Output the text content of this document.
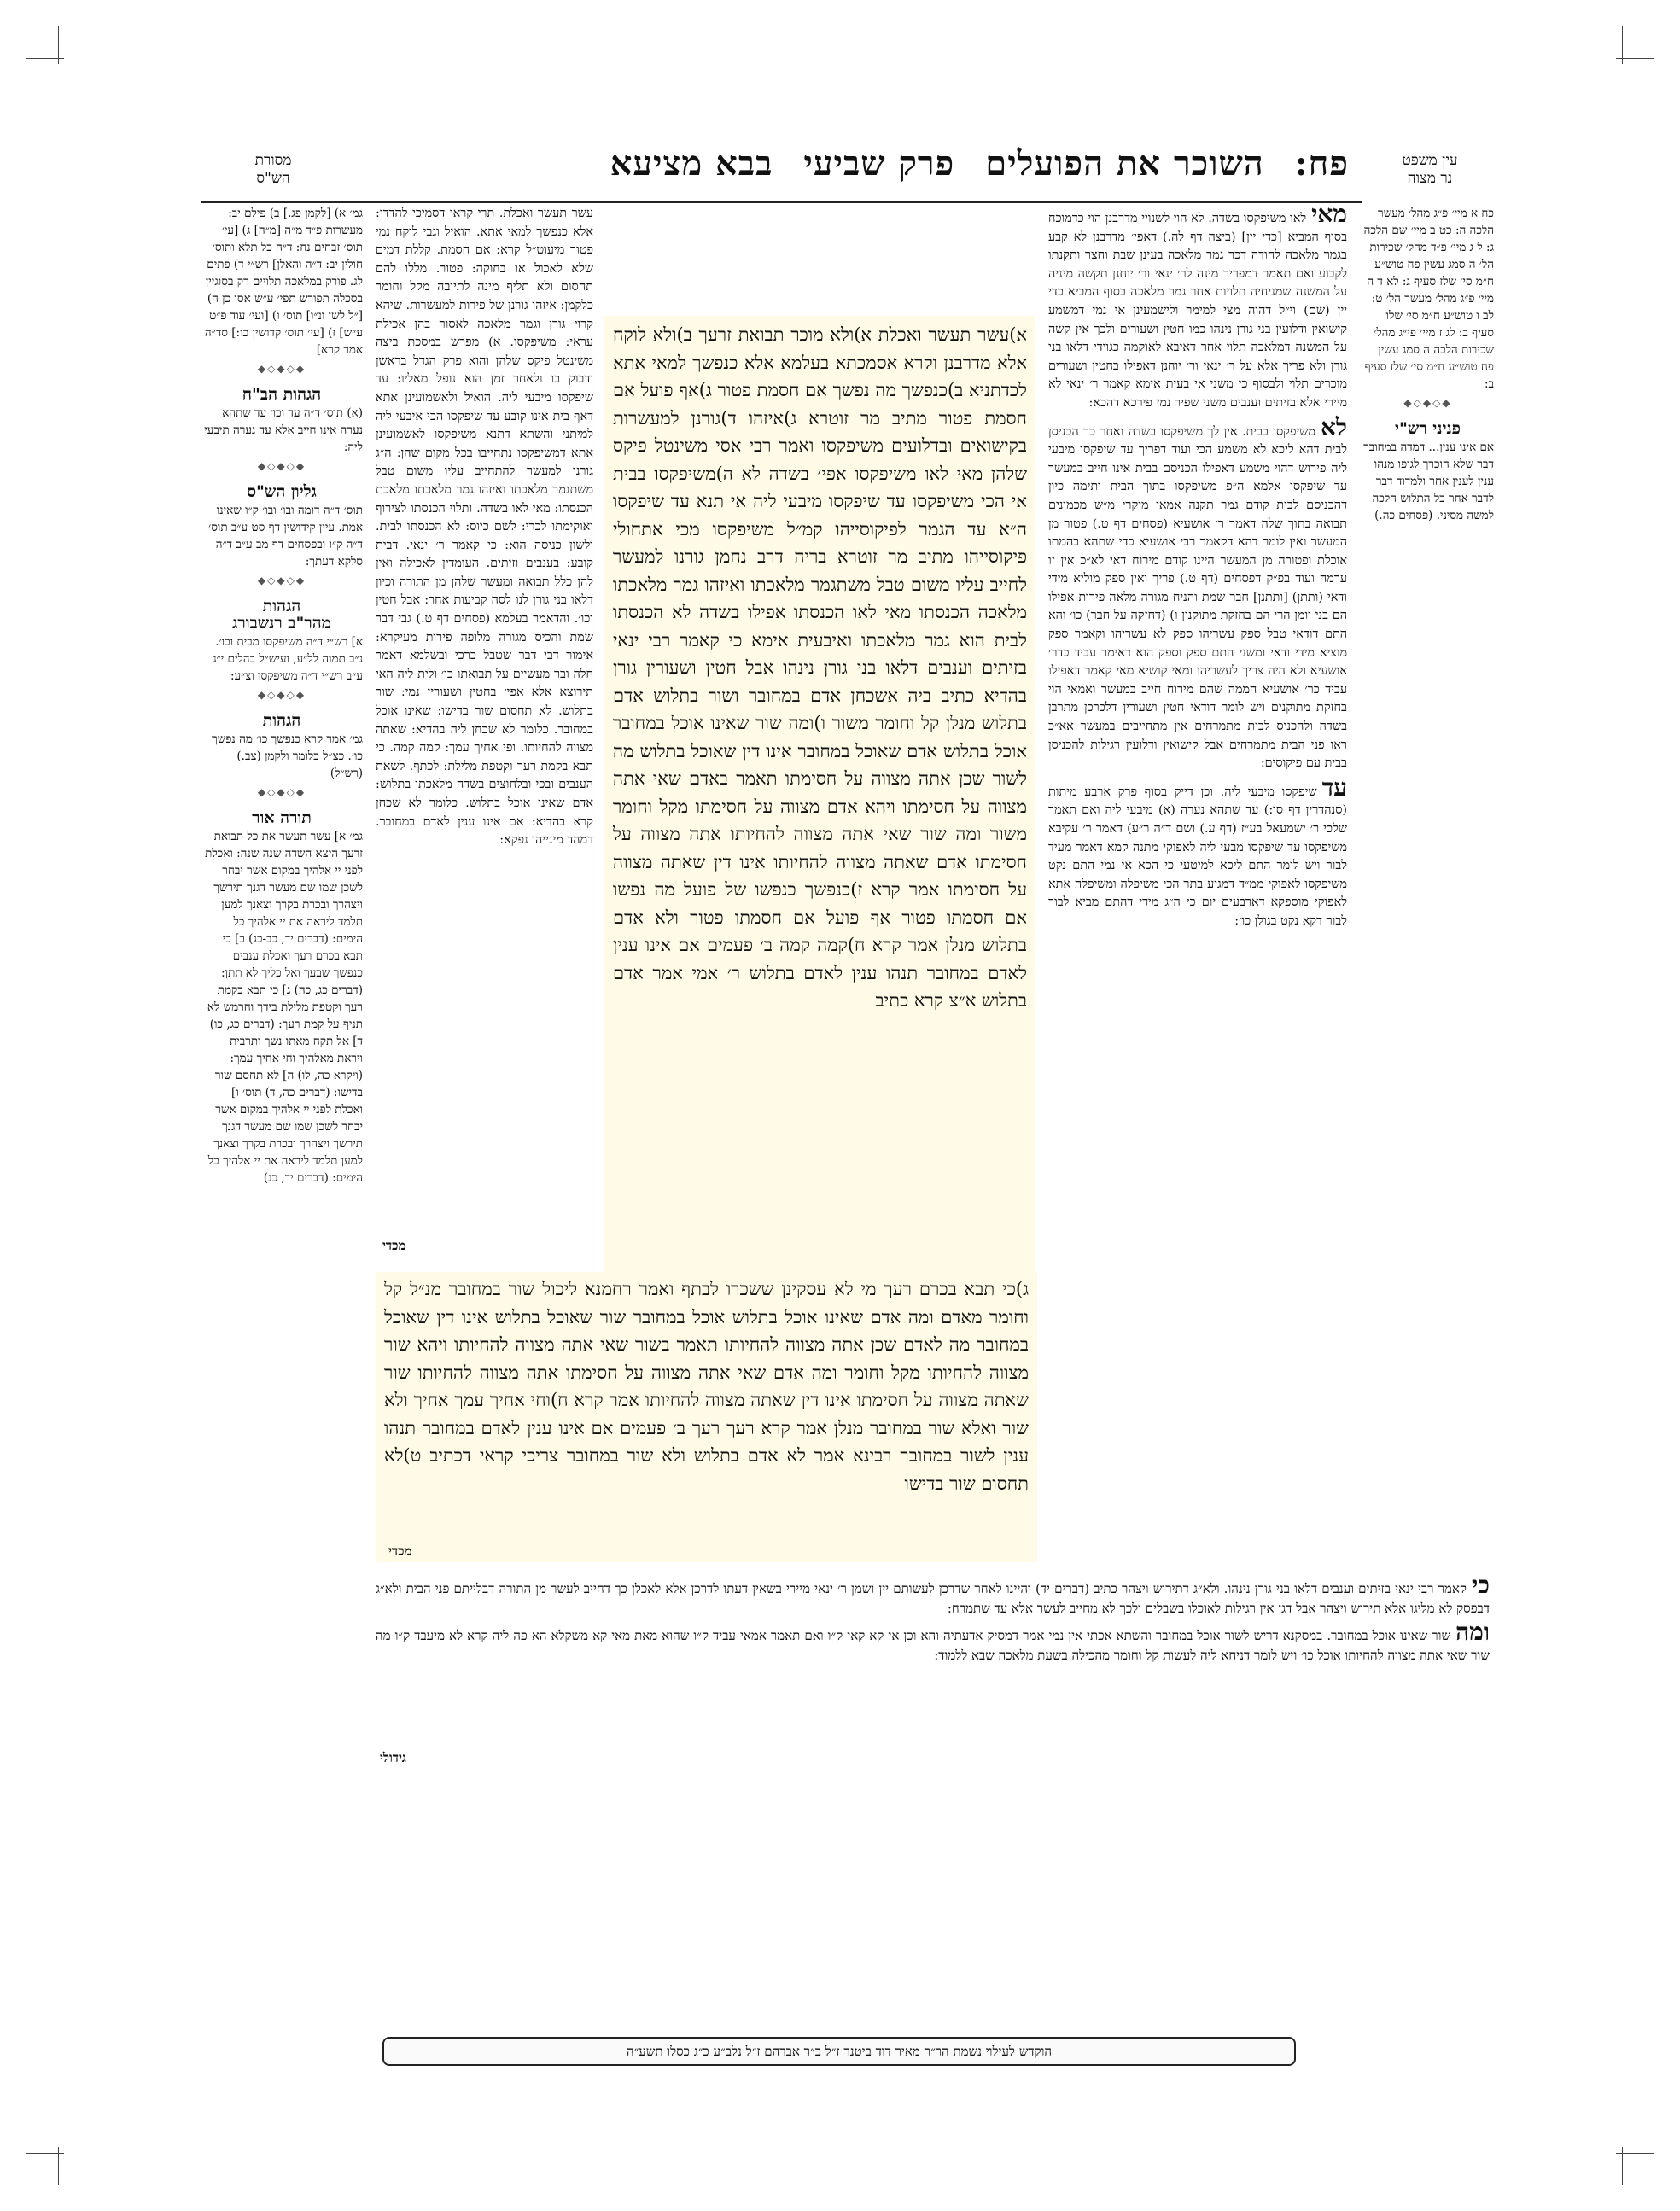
פח:השוכר את הפועליםפרק שביעיבבא מציעא	עין משפט
נר מצוה
מסורת
הש"ס
כח א מיי׳ פ״ג מהל׳ מעשר הלכה ה: כט ב מיי׳ שם הלכה ג: ל ג מיי׳ פ״ד מהל׳ שכירות הל׳ ה סמג עשין פח טוש״ע ח״מ סי׳ שלז סעיף ג: לא ד ה מיי׳ פ״ג מהל׳ מעשר הל׳ ט: לב ו טוש״ע ח״מ סי׳ שלו סעיף ב: לג ז מיי׳ פי״ג מהל׳ שכירות הלכה ה סמג עשין פח טוש״ע ח״מ סי׳ שלז סעיף ב:
◆◇◆◇◆
פניני רש"י
אם אינו ענין... דמדה במחובר דבר שלא הוכרך לגופו מנהו ענין לענין אחר ולמדוד דבר לדבר אחר כל התלוש הלכה למשה מסיני. (פסחים כה.)

מאילאו משיפקסו בשדה. לא הוי לשנויי מדרבנן הוי כדמוכח בסוף המביא [כדי יין] (ביצה דף לה.) דאפי׳ מדרבנן לא קבע בגמר מלאכה לחודה דכר גמר מלאכה בעינן שבת וחצר ותקנתו לקבוע ואם תאמר דמפריך מינה לר׳ ינאי ור׳ יוחנן תקשה מיניה על המשנה שמניחיה תלויות אחר גמר מלאכה בסוף המביא כדי יין (שם) וי״ל דהוה מצי למימר ולישמעינן אי נמי דמשמע קישואין ודלועין בני גורן נינהו כמו חטין ושעורים ולכך אין קשה על המשנה דמלאכה תלוי אחר דאיבא לאוקמה כגוידי דלאו בני גורן ולא פריך אלא על ר׳ ינאי ור׳ יוחנן דאפילו בחטין ושעורים מוכרים תלוי ולבסוף כי משני אי בעית אימא קאמר ר׳ ינאי לא מיירי אלא בזיתים וענבים משני שפיר נמי פירכא דהכא:

לאמשיפקסו בבית. אין לך משיפקסו בשדה ואחר כך הכניסן לבית דהא ליכא לא משמע הכי ועוד דפריך עד שיפקסו מיבעי ליה פירוש דהוי משמע דאפילו הכניסם בבית אינו חייב במעשר עד שיפקסו אלמא ה״פ משיפקסו בתוך הבית ותימה כיון דהכניסם לבית קודם גמר תקנה אמאי מיקרי מ״ש מכמונים תבואה בתוך שלה דאמר ר׳ אושעיא (פסחים דף ט.) פטור מן המעשר ואין לומר דהא דקאמר רבי אושעיא כדי שתהא בהמתו אוכלת ופטורה מן המעשר היינו קודם מירוח דאי לא״כ אין זו ערמה ועוד בפ״ק דפסחים (דף ט.) פריך ואין ספק מוליא מידי ודאי (ותתן) [ותתנן] חבר שמת והניח מגורה מלאה פירות אפילו הם בני יומן הרי הם בחזקת מתוקנין ו) (דחזקה על חבר) כו׳ והא התם דודאי טבל ספק עשריהו ספק לא עשריהו וקאמר ספק מוציא מידי ודאי ומשני התם ספק וספק הוא דאימר עביד כדר׳ אושעיא ולא היה צריך לעשריהו ומאי קושיא מאי קאמר דאפילו עביד כר׳ אושעיא הממה שהם מירוח חייב במעשר ואמאי הוי בחזקת מתוקנים ויש לומר דודאי חטין ושעורין דלכרכן מתרבן בשדה ולהכניס לבית מתמרחים אין מתחייבים במעשר אא״כ ראו פני הבית מתמרחים אבל קישואין ודלועין רגילות להכניסן בבית עם פיקוסים:

עדשיפקסו מיבעי ליה. וכן דייק בסוף פרק ארבע מיתות (סנהדרין דף סו:) עד שתהא נערה (א) מיבעי ליה ואם תאמר שלכי ר׳ ישמעאל בע״ז (דף ע.) ושם ד״ה ר״ע) דאמר ר׳ עקיבא משיפקסו עד שיפקסו מבעי ליה לאפוקי מתנה קמא דאמר מעיד לבור ויש לומר התם ליכא למיטעי כי הכא אי נמי התם נקט משיפקסו לאפוקי ממ״ד דמגיע בתר הכי משיפלה ומשיפלה אתא לאפוקי מוספקא דארבעים יום כי ה״ג מידי דהתם מביא לבור לבור דקא נקט בגולן כו׳:

א)עשר תעשר ואכלת א)ולא מוכר תבואת זרעך ב)ולא לוקח אלא מדרבנן וקרא אסמכתא בעלמא אלא כנפשך למאי אתא לכדתניא ב)כנפשך מה נפשך אם חסמת פטור ג)אף פועל אם חסמת פטור מתיב מר זוטרא ג)איזהו ד)גורנן למעשרות בקישואים ובדלועים משיפקסו ואמר רבי אסי משינטל פיקס שלהן מאי לאו משיפקסו אפי׳ בשדה לא ה)משיפקסו בבית אי הכי משיפקסו עד שיפקסו מיבעי ליה אי תנא עד שיפקסו ה״א עד הגמר לפיקוסייהו קמ״ל משיפקסו מכי אתחולי פיקוסייהו מתיב מר זוטרא בריה דרב נחמן גורנו למעשר לחייב עליו משום טבל משתגמר מלאכתו ואיזהו גמר מלאכתו מלאכה הכנסתו מאי לאו הכנסתו אפילו בשדה לא הכנסתו לבית הוא גמר מלאכתו ואיבעית אימא כי קאמר רבי ינאי בזיתים וענבים דלאו בני גורן נינהו אבל חטין ושעורין גורן בהדיא כתיב ביה אשכחן אדם במחובר ושור בתלוש אדם בתלוש מנלן קל וחומר משור ו)ומה שור שאינו אוכל במחובר אוכל בתלוש אדם שאוכל במחובר אינו דין שאוכל בתלוש מה לשור שכן אתה מצווה על חסימתו תאמר באדם שאי אתה מצווה על חסימתו ויהא אדם מצווה על חסימתו מקל וחומר משור ומה שור שאי אתה מצווה להחיותו אתה מצווה על חסימתו אדם שאתה מצווה להחיותו אינו דין שאתה מצווה על חסימתו אמר קרא ז)כנפשך כנפשו של פועל מה נפשו אם חסמתו פטור אף פועל אם חסמתו פטור ולא אדם בתלוש מנלן אמר קרא ח)קמה קמה ב׳ פעמים אם אינו ענין לאדם במחובר תנהו ענין לאדם בתלוש ר׳ אמי אמר אדם בתלוש א״צ קרא כתיב
ג)כי תבא בכרם רעך מי לא עסקינן ששכרו לבתף ואמר רחמנא ליכול שור במחובר מנ״ל קל וחומר מאדם ומה אדם שאינו אוכל בתלוש אוכל במחובר שור שאוכל בתלוש אינו דין שאוכל במחובר מה לאדם שכן אתה מצווה להחיותו תאמר בשור שאי אתה מצווה להחיותו ויהא שור מצווה להחיותו מקל וחומר ומה אדם שאי אתה מצווה על חסימתו אתה מצווה להחיותו שור שאתה מצווה על חסימתו אינו דין שאתה מצווה להחיותו אמר קרא ח)וחי אחיך עמך אחיך ולא שור ואלא שור במחובר מנלן אמר קרא רעך רעך ב׳ פעמים אם אינו ענין לאדם במחובר תנהו ענין לשור במחובר רבינא אמר לא אדם בתלוש ולא שור במחובר צריכי קראי דכתיב ט)לא תחסום שור בדישו
מכדי
עשר תעשר ואכלת. תרי קראי דסמיכי להדדי: אלא כנפשך למאי אתא. הואיל וגבי לוקח נמי פטור מיעוט״ל קרא: אם חסמת. קללת דמים שלא לאכול או בחוקה: פטור. מללו להם תחסום ולא תליף מינה לתיובה מקל וחומר כלקמן: איזהו גורנן של פירות למעשרות. שיהא קרוי גורן וגמר מלאכה לאסור בהן אכילת עראי: משיפקסו. א) מפרש במסכת ביצה משינטל פיקס שלהן והוא פרק הגדל בראשן ודבוק בו ולאחר זמן הוא נופל מאליו: עד שיפקסו מיבעי ליה. הואיל ולאשמועינן אתא דאף בית אינו קובע עד שיפקסו הכי איבעי ליה למיתני והשתא דתנא משיפקסו לאשמועינן אתא דמשיפקסו נתחייבו בכל מקום שהן: ה״ג גורנו למעשר להתחייב עליו משום טבל משתגמר מלאכתו ואיזהו גמר מלאכתו מלאכת הכנסתו: מאי לאו בשדה. ותלוי הכנסתו לצירוף ואוקימתו לכרי: לשם כיוס: לא הכנסתו לבית. ולשון כניסה הוא: כי קאמר ר׳ ינאי. דבית קובע: בענבים וזיתים. העומדין לאכילה ואין להן כלל תבואה ומעשר שלהן מן התורה וכיון דלאו בני גורן לנו לסה קביעות אחר: אבל חטין וכו׳. והדאמר בעלמא (פסחים דף ט.) גבי דבר שמת והכיס מגורה מלופה פירות מעיקרא: אימור דבי דבר שטבל כרכי ובשלמא דאמר חלה ובר מעשיים על תבואתו כו׳ ולית ליה האי תירוצא אלא אפי׳ בחטין ושעורין נמי: שור בתלוש. לא תחסום שור בדישו: שאינו אוכל במחובר. כלומר לא שכחן ליה בהדיא: שאתה מצווה להחיותו. ופי אחיך עמך: קמה קמה. כי תבא בקמת רעך וקטפת מלילת: לכתף. לשאת הענבים ובכי ובלחוצים בשדה מלאכתו בתלוש: אדם שאינו אוכל בתלוש. כלומר לא שכחן קרא בהדיא: אם אינו ענין לאדם במחובר. דמהד מינייהו נפקא:
מכדי
גמ׳ א) [לקמן פג.] ב) פילם יב: מעשרות פ״ד מ״ה [מ״ה] ג) [עי׳ תוס׳ זבחים נח: ד״ה כל תלא ותוס׳ חולין יב: ד״ה והאלן] רש״י ד) פתים לג. פורק במלאכה תלויים רק בסוגיין בסכלה תפורש תפי׳ ע״ש אסו כן ה) [״ל לשן ונ״ו] תוס׳ ו) [ועי׳ עוד פ״ט ע״ש] ז) [עי׳ תוס׳ קדושין כו:] סד״ה אמר קרא]
◆◇◆◇◆
הגהות הב"ח
(א) תוס׳ ד״ה עד וכו׳ עד שתהא נערה אינו חייב אלא עד נערה תיבעי ליה:
◆◇◆◇◆
גליון הש"ס
תוס׳ ד״ה דומה ובו׳ ובו׳ ק״ו שאינו אמת. עיין קידושין דף סט ע״ב תוס׳ ד״ה ק״ו ובפסחים דף מב ע״ב ד״ה סלקא דעתך:
◆◇◆◇◆
הגהות
מהר"ב רנשבורג
א] רש״י ד״ה משיפקסו מבית וכו׳. נ״ב תמוה לל״ע, ועיש״ל בהלים י״ג ע״ב רש״י ד״ה משיפקסו וצ״ע:
◆◇◆◇◆
הגהות
גמ׳ אמר קרא כנפשך כו׳ מה נפשך כו׳. כצ״ל כלומר ולקמן (צב.) (רש״ל)
◆◇◆◇◆
תורה אור
גמ׳ א] עשר תעשר את כל תבואת זרעך היצא השדה שנה שנה: ואכלת לפני יי אלהיך במקום אשר יבחר לשכן שמו שם מעשר דגנך תירשך ויצהרך ובכרת בקרך וצאנך למען תלמד ליראה את יי אלהיך כל הימים: (דברים יד, כב-כג) ב] כי תבא בכרם רעך ואכלת ענבים כנפשך שבעך ואל כליך לא תתן: (דברים כג, כה) ג] כי תבא בקמת רעך וקטפת מלילת בידך וחרמש לא תניף על קמת רעך: (דברים כג, כו) ד] אל תקח מאתו נשך ותרבית ויראת מאלהיך וחי אחיך עמך: (ויקרא כה, לו) ה] לא תחסם שור בדישו: (דברים כה, ד) תוס׳ ו] ואכלת לפני יי אלהיך במקום אשר יבחר לשכן שמו שם מעשר דגנך תירשך ויצהרך ובכרת בקרך וצאנך למען תלמד ליראה את יי אלהיך כל הימים: (דברים יד, כג)

כיקאמר רבי ינאי בזיתים וענבים דלאו בני גורן נינהו. ולא״ג דתירוש ויצהר כתיב (דברים יד) והיינו לאחר שדרכן לעשותם יין ושמן ר׳ ינאי מיירי בשאין דעתו לדרכן אלא לאכלן כך דחייב לעשר מן התורה דבלייתם פני הבית ולא״ג דבפסק לא מליגו אלא תירוש ויצהר אבל דגן אין רגילות לאוכלו בשבלים ולכך לא מחייב לעשר אלא עד שתמרח:

ומהשור שאינו אוכל במחובר. במסקנא דריש לשור אוכל במחובר והשתא אכתי אין נמי אמר דמסיק אדעתיה והא וכן אי קא קאי ק״ו ואם תאמר אמאי עביד ק״ו שהוא מאת מאי קא משקלא הא פה ליה קרא לא מיעבד ק״ו מה שור שאי אתה מצווה להחיותו אוכל כו׳ ויש לומר דניחא ליה לעשות קל וחומר מהכילה בשעת מלאכה שבא ללמוד:

גידולי
הוקדש לעילוי נשמת הר״ר מאיר דוד ביטנר ז״ל ב״ר אברהם ז״ל נלב״ע כ״ג כסלו תשע״ה
